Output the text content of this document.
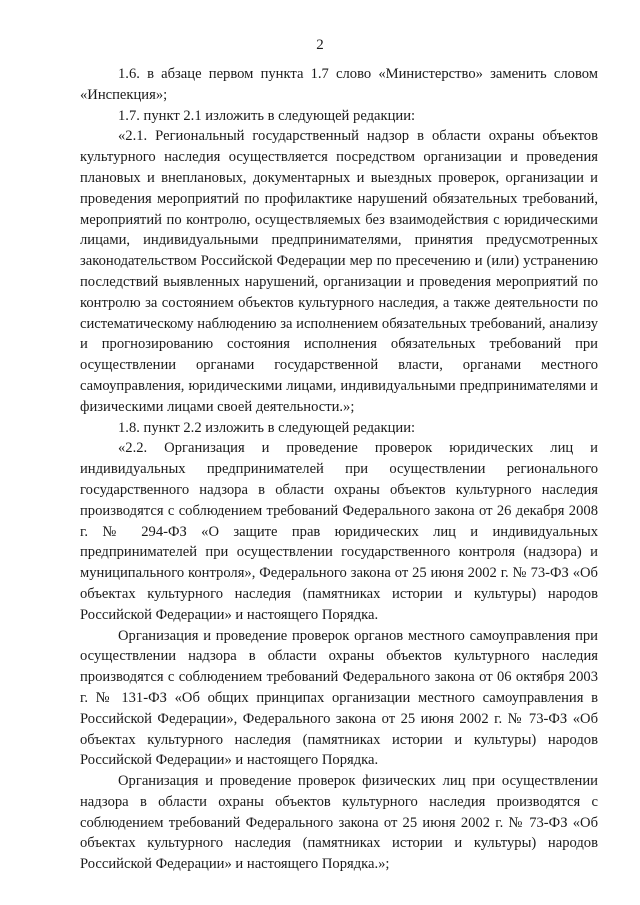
2

1.6. в абзаце первом пункта 1.7 слово «Министерство» заменить словом «Инспекция»;

1.7. пункт 2.1 изложить в следующей редакции:

«2.1. Региональный государственный надзор в области охраны объектов культурного наследия осуществляется посредством организации и проведения плановых и внеплановых, документарных и выездных проверок, организации и проведения мероприятий по профилактике нарушений обязательных требований, мероприятий по контролю, осуществляемых без взаимодействия с юридическими лицами, индивидуальными предпринимателями, принятия предусмотренных законодательством Российской Федерации мер по пресечению и (или) устранению последствий выявленных нарушений, организации и проведения мероприятий по контролю за состоянием объектов культурного наследия, а также деятельности по систематическому наблюдению за исполнением обязательных требований, анализу и прогнозированию состояния исполнения обязательных требований при осуществлении органами государственной власти, органами местного самоуправления, юридическими лицами, индивидуальными предпринимателями и физическими лицами своей деятельности.»;

1.8. пункт 2.2 изложить в следующей редакции:

«2.2. Организация и проведение проверок юридических лиц и индивидуальных предпринимателей при осуществлении регионального государственного надзора в области охраны объектов культурного наследия производятся с соблюдением требований Федерального закона от 26 декабря 2008 г. № 294-ФЗ «О защите прав юридических лиц и индивидуальных предпринимателей при осуществлении государственного контроля (надзора) и муниципального контроля», Федерального закона от 25 июня 2002 г. № 73-ФЗ «Об объектах культурного наследия (памятниках истории и культуры) народов Российской Федерации» и настоящего Порядка.

Организация и проведение проверок органов местного самоуправления при осуществлении надзора в области охраны объектов культурного наследия производятся с соблюдением требований Федерального закона от 06 октября 2003 г. № 131-ФЗ «Об общих принципах организации местного самоуправления в Российской Федерации», Федерального закона от 25 июня 2002 г. № 73-ФЗ «Об объектах культурного наследия (памятниках истории и культуры) народов Российской Федерации» и настоящего Порядка.

Организация и проведение проверок физических лиц при осуществлении надзора в области охраны объектов культурного наследия производятся с соблюдением требований Федерального закона от 25 июня 2002 г. № 73-ФЗ «Об объектах культурного наследия (памятниках истории и культуры) народов Российской Федерации» и настоящего Порядка.»;
